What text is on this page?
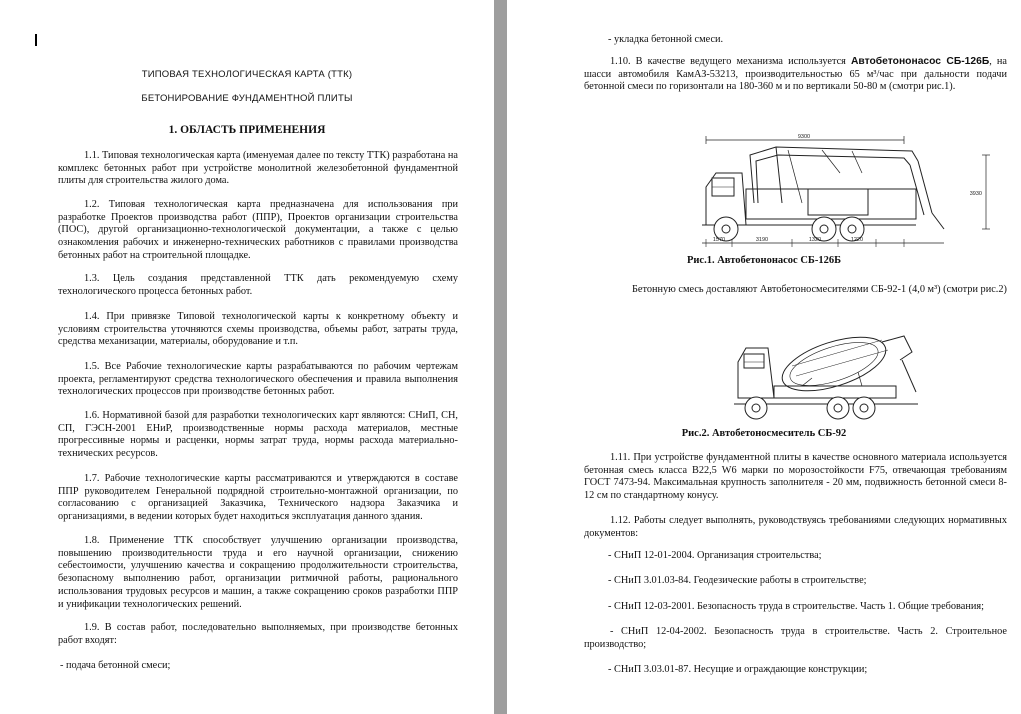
ТИПОВАЯ ТЕХНОЛОГИЧЕСКАЯ КАРТА (ТТК)
БЕТОНИРОВАНИЕ ФУНДАМЕНТНОЙ ПЛИТЫ
1. ОБЛАСТЬ ПРИМЕНЕНИЯ

1.1. Типовая технологическая карта (именуемая далее по тексту ТТК) разработана на комплекс бетонных работ при устройстве монолитной железобетонной фундаментной плиты для строительства жилого дома.

1.2. Типовая технологическая карта предназначена для использования при разработке Проектов производства работ (ППР), Проектов организации строительства (ПОС), другой организационно-технологической документации, а также с целью ознакомления рабочих и инженерно-технических работников с правилами производства бетонных работ на строительной площадке.

1.3. Цель создания представленной ТТК дать рекомендуемую схему технологического процесса бетонных работ.

1.4. При привязке Типовой технологической карты к конкретному объекту и условиям строительства уточняются схемы производства, объемы работ, затраты труда, средства механизации, материалы, оборудование и т.п.

1.5. Все Рабочие технологические карты разрабатываются по рабочим чертежам проекта, регламентируют средства технологического обеспечения и правила выполнения технологических процессов при производстве бетонных работ.

1.6. Нормативной базой для разработки технологических карт являются: СНиП, СН, СП, ГЭСН-2001 ЕНиР, производственные нормы расхода материалов, местные прогрессивные нормы и расценки, нормы затрат труда, нормы расхода материально-технических ресурсов.

1.7. Рабочие технологические карты рассматриваются и утверждаются в составе ППР руководителем Генеральной подрядной строительно-монтажной организации, по согласованию с организацией Заказчика, Технического надзора Заказчика и организациями, в ведении которых будет находиться эксплуатация данного здания.

1.8. Применение ТТК способствует улучшению организации производства, повышению производительности труда и его научной организации, снижению себестоимости, улучшению качества и сокращению продолжительности строительства, безопасному выполнению работ, организации ритмичной работы, рационального использования трудовых ресурсов и машин, а также сокращению сроков разработки ППР и унификации технологических решений.

1.9. В состав работ, последовательно выполняемых, при производстве бетонных работ входят:

- подача бетонной смеси;

- укладка бетонной смеси.

1.10. В качестве ведущего механизма используется Автобетононасос СБ-126Б, на шасси автомобиля КамАЗ-53213, производительностью 65 м³/час при дальности подачи бетонной смеси по горизонтали на 180-360 м и по вертикали 50-80 м (смотри рис.1).

9300
3930
1570	3190	1320	1220
Рис.1. Автобетононасос СБ-126Б

Бетонную смесь доставляют Автобетоносмесителями СБ-92-1 (4,0 м³) (смотри рис.2)

Рис.2. Автобетоносмеситель СБ-92

1.11. При устройстве фундаментной плиты в качестве основного материала используется бетонная смесь класса В22,5 W6 марки по морозостойкости F75, отвечающая требованиям ГОСТ 7473-94. Максимальная крупность заполнителя - 20 мм, подвижность бетонной смеси 8-12 см по стандартному конусу.

1.12. Работы следует выполнять, руководствуясь требованиями следующих нормативных документов:

- СНиП 12-01-2004. Организация строительства;

- СНиП 3.01.03-84. Геодезические работы в строительстве;

- СНиП 12-03-2001. Безопасность труда в строительстве. Часть 1. Общие требования;

- СНиП 12-04-2002. Безопасность труда в строительстве. Часть 2. Строительное производство;

- СНиП 3.03.01-87. Несущие и ограждающие конструкции;
